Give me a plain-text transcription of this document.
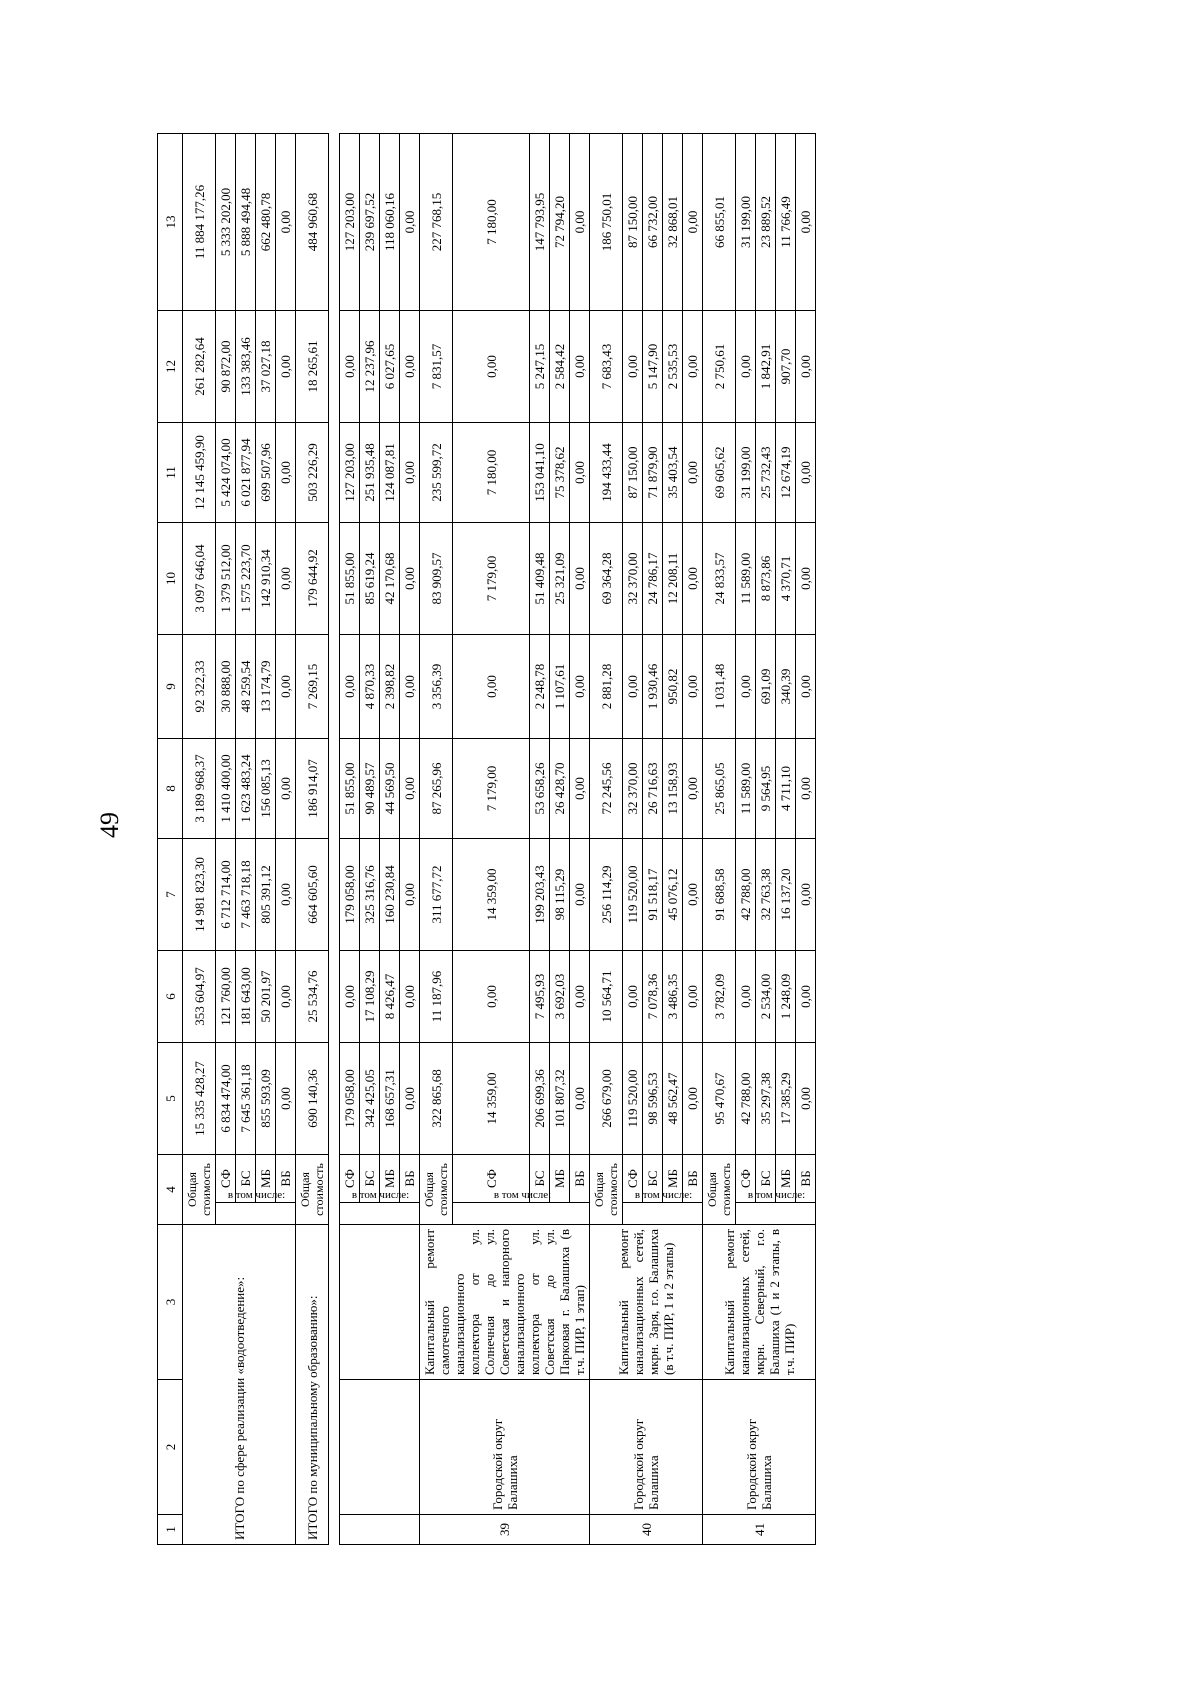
49
1	2	3	4		5	6	7	8	9	10	11	12	13
ИТОГО по сфере реализации «водоотведение»:			Общая стоимость		15 335 428,27	353 604,97	14 981 823,30	3 189 968,37	92 322,33	3 097 646,04	12 145 459,90	261 282,64	11 884 177,26
			в том числе:	СФ	6 834 474,00	121 760,00	6 712 714,00	1 410 400,00	30 888,00	1 379 512,00	5 424 074,00	90 872,00	5 333 202,00
				БС	7 645 361,18	181 643,00	7 463 718,18	1 623 483,24	48 259,54	1 575 223,70	6 021 877,94	133 383,46	5 888 494,48
				МБ	855 593,09	50 201,97	805 391,12	156 085,13	13 174,79	142 910,34	699 507,96	37 027,18	662 480,78
				ВБ	0,00	0,00	0,00	0,00	0,00	0,00	0,00	0,00	0,00
ИТОГО по муниципальному образованию»:			Общая стоимость		690 140,36	25 534,76	664 605,60	186 914,07	7 269,15	179 644,92	503 226,29	18 265,61	484 960,68
			в том числе:	СФ	179 058,00	0,00	179 058,00	51 855,00	0,00	51 855,00	127 203,00	0,00	127 203,00
				БС	342 425,05	17 108,29	325 316,76	90 489,57	4 870,33	85 619,24	251 935,48	12 237,96	239 697,52
				МБ	168 657,31	8 426,47	160 230,84	44 569,50	2 398,82	42 170,68	124 087,81	6 027,65	118 060,16
				ВБ	0,00	0,00	0,00	0,00	0,00	0,00	0,00	0,00	0,00
39	Городской округ Балашиха	Капитальный ремонт самотечного канализационного коллектора от ул. Солнечная до ул. Советская и напорного канализационного коллектора от ул. Советская до ул. Парковая г. Балашиха (в т.ч. ПИР, 1 этап)	Общая стоимость		322 865,68	11 187,96	311 677,72	87 265,96	3 356,39	83 909,57	235 599,72	7 831,57	227 768,15
			в том числе:	СФ	14 359,00	0,00	14 359,00	7 179,00	0,00	7 179,00	7 180,00	0,00	7 180,00
				БС	206 699,36	7 495,93	199 203,43	53 658,26	2 248,78	51 409,48	153 041,10	5 247,15	147 793,95
				МБ	101 807,32	3 692,03	98 115,29	26 428,70	1 107,61	25 321,09	75 378,62	2 584,42	72 794,20
				ВБ	0,00	0,00	0,00	0,00	0,00	0,00	0,00	0,00	0,00
40	Городской округ Балашиха	Капитальный ремонт канализационных сетей, мкрн. Заря, г.о. Балашиха (в т.ч. ПИР, 1 и 2 этапы)	Общая стоимость		266 679,00	10 564,71	256 114,29	72 245,56	2 881,28	69 364,28	194 433,44	7 683,43	186 750,01
			в том числе:	СФ	119 520,00	0,00	119 520,00	32 370,00	0,00	32 370,00	87 150,00	0,00	87 150,00
				БС	98 596,53	7 078,36	91 518,17	26 716,63	1 930,46	24 786,17	71 879,90	5 147,90	66 732,00
				МБ	48 562,47	3 486,35	45 076,12	13 158,93	950,82	12 208,11	35 403,54	2 535,53	32 868,01
				ВБ	0,00	0,00	0,00	0,00	0,00	0,00	0,00	0,00	0,00
41	Городской округ Балашиха	Капитальный ремонт канализационных сетей, мкрн. Северный, г.о. Балашиха (1 и 2 этапы, в т.ч. ПИР)	Общая стоимость		95 470,67	3 782,09	91 688,58	25 865,05	1 031,48	24 833,57	69 605,62	2 750,61	66 855,01
			в том числе:	СФ	42 788,00	0,00	42 788,00	11 589,00	0,00	11 589,00	31 199,00	0,00	31 199,00
				БС	35 297,38	2 534,00	32 763,38	9 564,95	691,09	8 873,86	25 732,43	1 842,91	23 889,52
				МБ	17 385,29	1 248,09	16 137,20	4 711,10	340,39	4 370,71	12 674,19	907,70	11 766,49
				ВБ	0,00	0,00	0,00	0,00	0,00	0,00	0,00	0,00	0,00
